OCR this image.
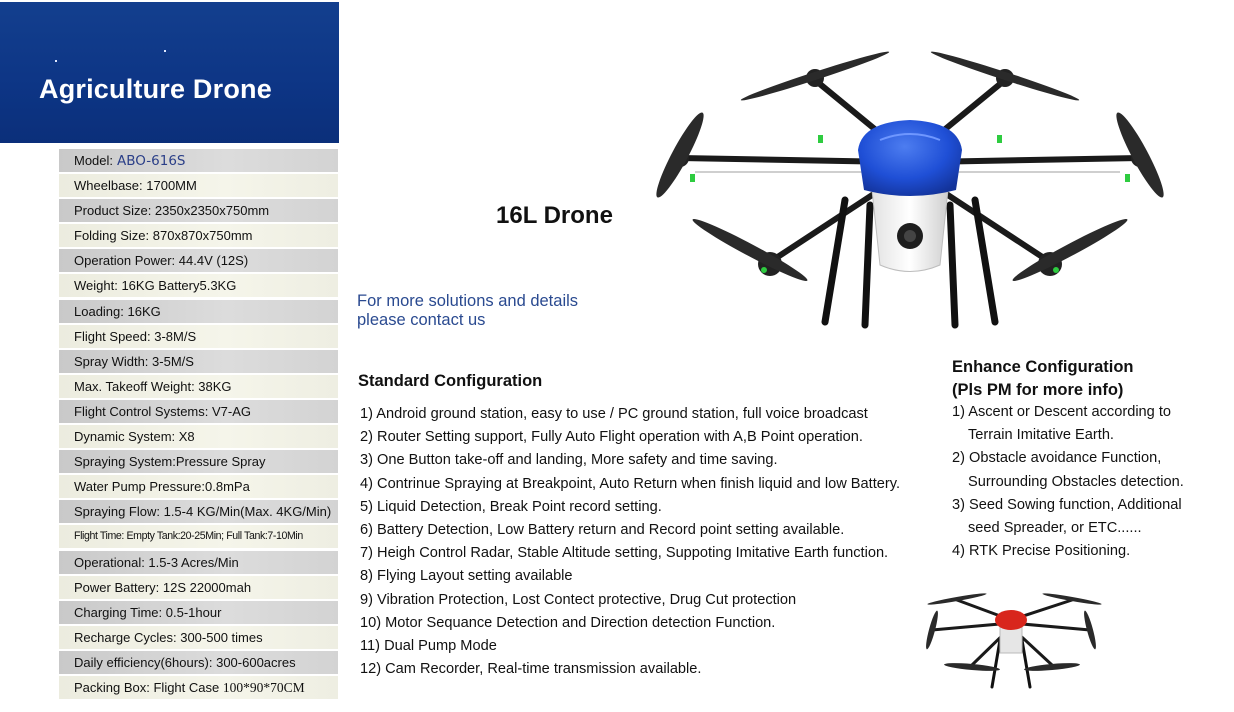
Agriculture Drone
Model: ABO-616S
Wheelbase: 1700MM
Product Size: 2350x2350x750mm
Folding Size: 870x870x750mm
Operation Power: 44.4V (12S)
Weight: 16KG Battery5.3KG
Loading: 16KG
Flight Speed: 3-8M/S
Spray Width: 3-5M/S
Max. Takeoff Weight: 38KG
Flight Control Systems: V7-AG
Dynamic System: X8
Spraying System:Pressure Spray
Water Pump Pressure:0.8mPa
Spraying Flow: 1.5-4 KG/Min(Max. 4KG/Min)
Flight Time: Empty Tank:20-25Min; Full Tank:7-10Min
Operational: 1.5-3 Acres/Min
Power Battery: 12S 22000mah
Charging Time: 0.5-1hour
Recharge Cycles: 300-500 times
Daily efficiency(6hours): 300-600acres
Packing Box: Flight Case 100*90*70CM
16L Drone
For more solutions and details
please contact us
Standard Configuration
1) Android ground station, easy to use / PC ground station, full voice broadcast
2) Router Setting support, Fully Auto Flight operation with A,B Point operation.
3) One Button take-off and landing, More safety and time saving.
4) Contrinue Spraying at Breakpoint, Auto Return when finish liquid and low Battery.
5) Liquid Detection, Break Point record setting.
6) Battery Detection, Low Battery return and Record point setting available.
7) Heigh Control Radar, Stable Altitude setting, Suppoting Imitative Earth function.
8) Flying Layout setting available
9) Vibration Protection, Lost Contect protective, Drug Cut protection
10) Motor Sequance Detection and Direction detection Function.
11) Dual Pump Mode
12) Cam Recorder, Real-time transmission available.
Enhance Configuration
(Pls PM for more info)
1) Ascent or Descent according to
Terrain Imitative Earth.
2) Obstacle avoidance Function,
Surrounding Obstacles detection.
3) Seed Sowing function, Additional
seed Spreader, or ETC......
4) RTK Precise Positioning.
